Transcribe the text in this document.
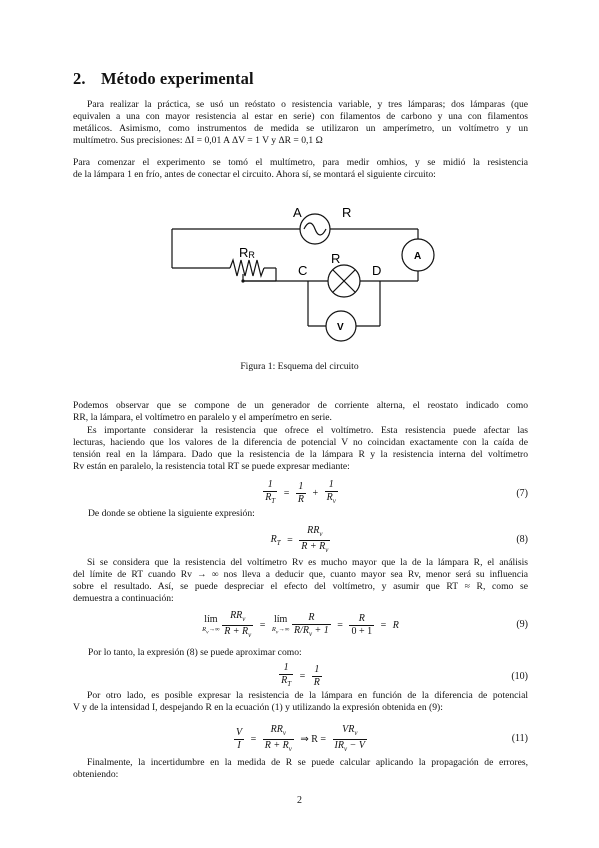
2. Método experimental
Para realizar la práctica, se usó un reóstato o resistencia variable, y tres lámparas; dos lámparas (que
equivalen a una con mayor resistencia al estar en serie) con filamentos de carbono y una con filamentos
metálicos. Asimismo, como instrumentos de medida se utilizaron un amperímetro, un voltímetro y un
multímetro. Sus precisiones: ΔI = 0,01 A ΔV = 1 V y ΔR = 0,1 Ω
Para comenzar el experimento se tomó el multímetro, para medir omhios, y se midió la resistencia
de la lámpara 1 en frío, antes de conectar el circuito. Ahora sí, se montará el siguiente circuito:
A	R
RR	R
C	D
A
V
Figura 1: Esquema del circuito
Podemos observar que se compone de un generador de corriente alterna, el reostato indicado como
RR, la lámpara, el voltímetro en paralelo y el amperímetro en serie.
Es importante considerar la resistencia que ofrece el voltímetro. Esta resistencia puede afectar las
lecturas, haciendo que los valores de la diferencia de potencial V no coincidan exactamente con la caída de
tensión real en la lámpara. Dado que la resistencia de la lámpara R y la resistencia interna del voltímetro
Rv están en paralelo, la resistencia total RT se puede expresar mediante:
$\frac{1}{R_T} = \frac{1}{R} + \frac{1}{R_v}$	(7)
De donde se obtiene la siguiente expresión:
$R_T = \frac{RR_v}{R + R_v}$	(8)
Si se considera que la resistencia del voltímetro Rv es mucho mayor que la de la lámpara R, el análisis
del límite de RT cuando Rv → ∞ nos lleva a deducir que, cuanto mayor sea Rv, menor será su influencia
sobre el resultado. Así, se puede despreciar el efecto del voltímetro, y asumir que RT ≈ R, como se
demuestra a continuación:
lím
$R_v\to\infty$
$\frac{RR_v}{R + R_v}$ =
lím
$R_v\to\infty$
$\frac{R}{R/R_v + 1} = \frac{R}{0 + 1} = R$	(9)
Por lo tanto, la expresión (8) se puede aproximar como:
$\frac{1}{R_T} = \frac{1}{R}$	(10)
Por otro lado, es posible expresar la resistencia de la lámpara en función de la diferencia de potencial
V y de la intensidad I, despejando R en la ecuación (1) y utilizando la expresión obtenida en (9):
$\frac{V}{I} = \frac{RR_v}{R + R_v}$ ⇒ $R = \frac{VR_v}{IR_v - V}$	(11)
Finalmente, la incertidumbre en la medida de R se puede calcular aplicando la propagación de errores,
obteniendo:
2
